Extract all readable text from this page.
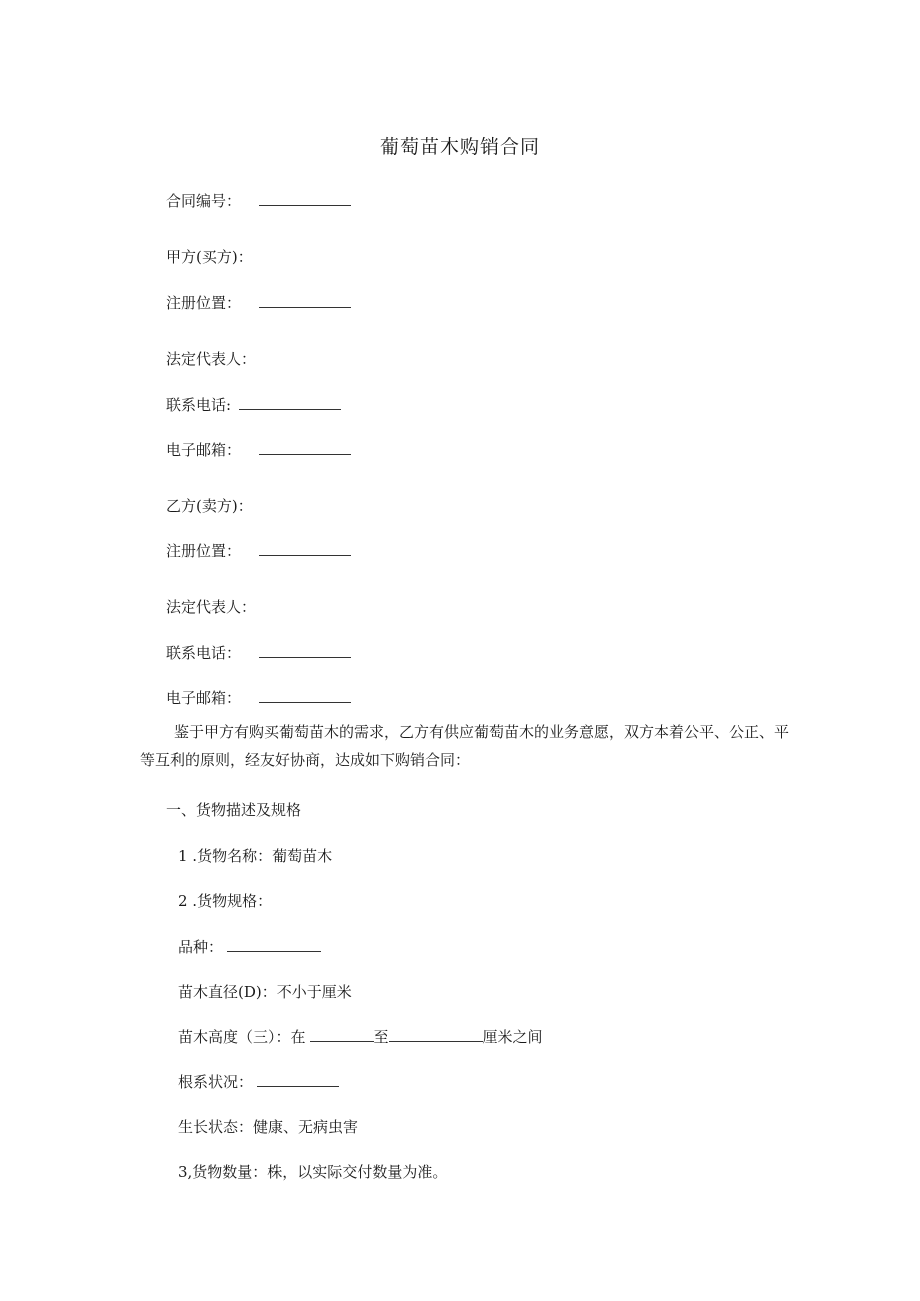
葡萄苗木购销合同
合同编号：
甲方(买方)：
注册位置：
法定代表人：
联系电话:
电子邮箱：
乙方(卖方)：
注册位置：
法定代表人：
联系电话：
电子邮箱：
鉴于甲方有购买葡萄苗木的需求，乙方有供应葡萄苗木的业务意愿，双方本着公平、公正、平等互利的原则，经友好协商，达成如下购销合同：
一、货物描述及规格
1 .货物名称：葡萄苗木
2 .货物规格：
品种：
苗木直径(D)：不小于厘米
苗木高度（三）：在	至	厘米之间
根系状况：
生长状态：健康、无病虫害
3,货物数量：株，以实际交付数量为准。
